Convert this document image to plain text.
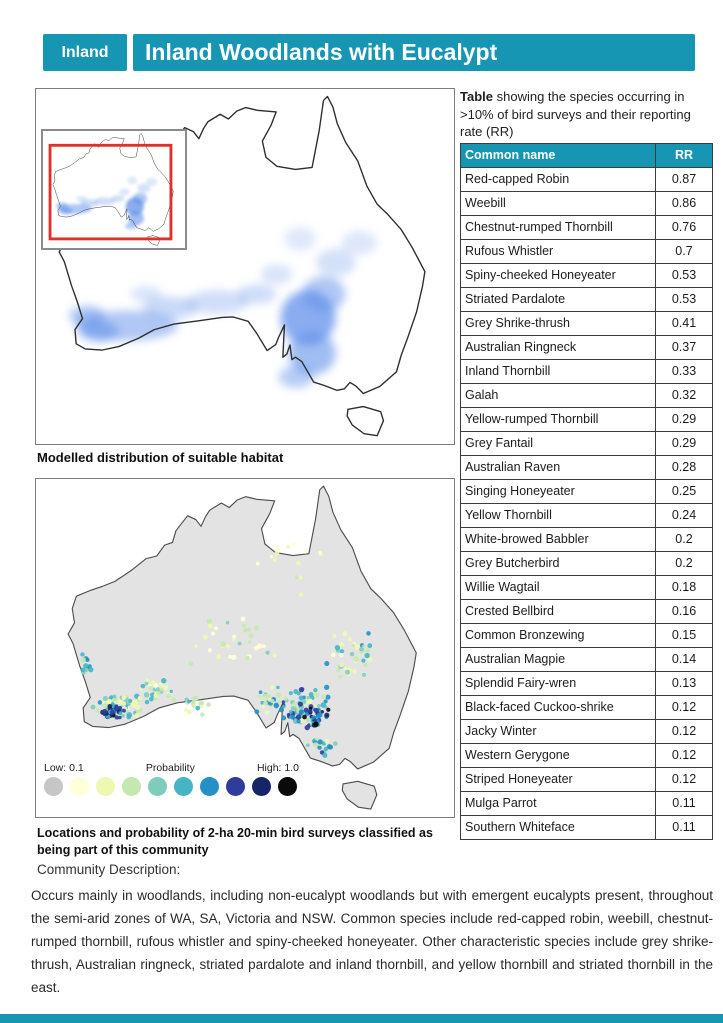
Inland Inland Woodlands with Eucalypt
Modelled distribution of suitable habitat
Low: 0.1	Probability	High: 1.0
Locations and probability of 2-ha 20-min bird surveys classified as being part of this community
Community Description:
Occurs mainly in woodlands, including non-eucalypt woodlands but with emergent eucalypts present, throughout the semi-arid zones of WA, SA, Victoria and NSW. Common species include red-capped robin, weebill, chestnut-rumped thornbill, rufous whistler and spiny-cheeked honeyeater. Other characteristic species include grey shrike-thrush, Australian ringneck, striated pardalote and inland thornbill, and yellow thornbill and striated thornbill in the east.
Table showing the species occurring in >10% of bird surveys and their reporting rate (RR)
Common name	RR
Red-capped Robin	0.87
Weebill	0.86
Chestnut-rumped Thornbill	0.76
Rufous Whistler	0.7
Spiny-cheeked Honeyeater	0.53
Striated Pardalote	0.53
Grey Shrike-thrush	0.41
Australian Ringneck	0.37
Inland Thornbill	0.33
Galah	0.32
Yellow-rumped Thornbill	0.29
Grey Fantail	0.29
Australian Raven	0.28
Singing Honeyeater	0.25
Yellow Thornbill	0.24
White-browed Babbler	0.2
Grey Butcherbird	0.2
Willie Wagtail	0.18
Crested Bellbird	0.16
Common Bronzewing	0.15
Australian Magpie	0.14
Splendid Fairy-wren	0.13
Black-faced Cuckoo-shrike	0.12
Jacky Winter	0.12
Western Gerygone	0.12
Striped Honeyeater	0.12
Mulga Parrot	0.11
Southern Whiteface	0.11
